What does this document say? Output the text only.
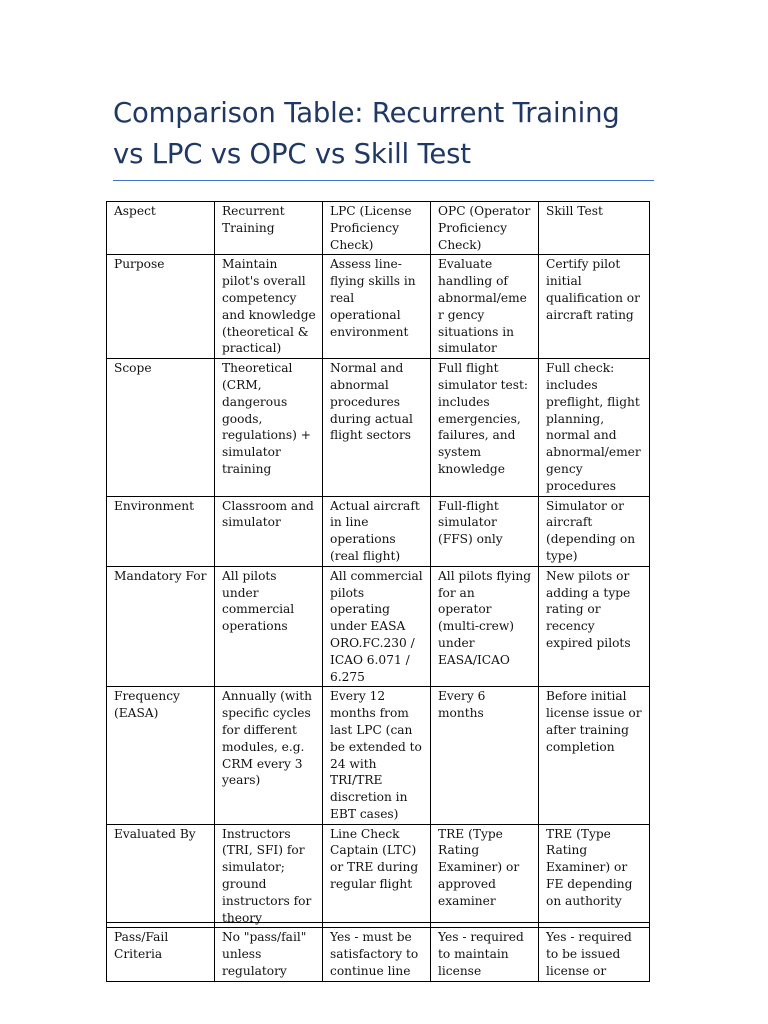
Comparison Table: Recurrent Training vs LPC vs OPC vs Skill Test
Aspect	Recurrent Training	LPC (License Proficiency Check)	OPC (Operator Proficiency Check)	Skill Test
Purpose	Maintain pilot's overall competency and knowledge (theoretical & practical)	Assess line-flying skills in real operational environment	Evaluate handling of abnormal/emer gency situations in simulator	Certify pilot initial qualification or aircraft rating
Scope	Theoretical (CRM, dangerous goods, regulations) + simulator training	Normal and abnormal procedures during actual flight sectors	Full flight simulator test: includes emergencies, failures, and system knowledge	Full check: includes preflight, flight planning, normal and abnormal/emer gency procedures
Environment	Classroom and simulator	Actual aircraft in line operations (real flight)	Full-flight simulator (FFS) only	Simulator or aircraft (depending on type)
Mandatory For	All pilots under commercial operations	All commercial pilots operating under EASA ORO.FC.230 / ICAO 6.071 / 6.275	All pilots flying for an operator (multi-crew) under EASA/ICAO	New pilots or adding a type rating or recency expired pilots
Frequency (EASA)	Annually (with specific cycles for different modules, e.g. CRM every 3 years)	Every 12 months from last LPC (can be extended to 24 with TRI/TRE discretion in EBT cases)	Every 6 months	Before initial license issue or after training completion
Evaluated By	Instructors (TRI, SFI) for simulator; ground instructors for theory	Line Check Captain (LTC) or TRE during regular flight	TRE (Type Rating Examiner) or approved examiner	TRE (Type Rating Examiner) or FE depending on authority
Pass/Fail Criteria	No "pass/fail" unless regulatory	Yes - must be satisfactory to continue line	Yes - required to maintain license	Yes - required to be issued license or
